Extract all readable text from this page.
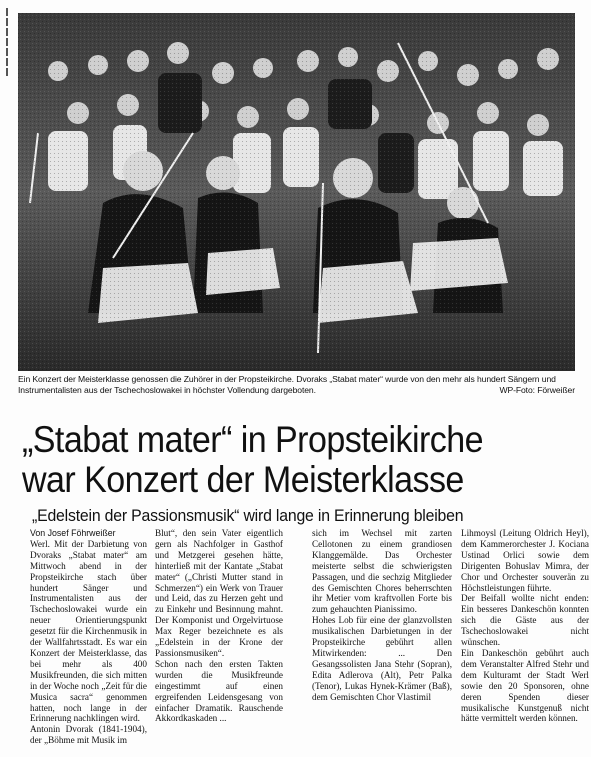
Ein Konzert der Meisterklasse genossen die Zuhörer in der Propsteikirche. Dvoraks „Stabat mater“ wurde von den mehr als hundert Sängern und Instrumentalisten aus der Tschechoslowakei in höchster Vollendung dargeboten.	WP-Foto: Förweißer
„Stabat mater“ in Propsteikirche
war Konzert der Meisterklasse
„Edelstein der Passionsmusik“ wird lange in Erinnerung bleiben

Von Josef Föhrweißer

Werl. Mit der Darbietung von Dvoraks „Stabat mater“ am Mittwoch abend in der Propsteikirche stach über hundert Sänger und Instrumentalisten aus der Tschechoslowakei wurde ein neuer Orientierungspunkt gesetzt für die Kirchenmusik in der Wallfahrtsstadt. Es war ein Konzert der Meisterklasse, das bei mehr als 400 Musikfreunden, die sich mitten in der Woche noch „Zeit für die Musica sacra“ genommen hatten, noch lange in der Erinnerung nachklingen wird.

Antonin Dvorak (1841-1904), der „Böhme mit Musik im

Blut“, den sein Vater eigentlich gern als Nachfolger in Gasthof und Metzgerei gesehen hätte, hinterließ mit der Kantate „Stabat mater“ („Christi Mutter stand in Schmerzen“) ein Werk von Trauer und Leid, das zu Herzen geht und zu Einkehr und Besinnung mahnt. Der Komponist und Orgelvirtuose Max Reger bezeichnete es als „Edelstein in der Krone der Passionsmusiken“.

Schon nach den ersten Takten wurden die Musikfreunde eingestimmt auf einen ergreifenden Leidensgesang von einfacher Dramatik. Rauschende Akkordkaskaden ...

sich im Wechsel mit zarten Cellotonen zu einem grandiosen Klanggemälde. Das Orchester meisterte selbst die schwierigsten Passagen, und die sechzig Mitglieder des Gemischten Chores beherrschten ihr Metier vom kraftvollen Forte bis zum gehauchten Pianissimo.

Hohes Lob für eine der glanzvollsten musikalischen Darbietungen in der Propsteikirche gebührt allen Mitwirkenden: ... Den Gesangssolisten Jana Stehr (Sopran), Edita Adlerova (Alt), Petr Palka (Tenor), Lukas Hynek-Krämer (Baß), dem Gemischten Chor Vlastimil

Lihmoysl (Leitung Oldrich Heyl), dem Kammerorchester J. Kociana Ustinad Orlici sowie dem Dirigenten Bohuslav Mimra, der Chor und Orchester souverän zu Höchstleistungen führte.

Der Beifall wollte nicht enden: Ein besseres Dankeschön konnten sich die Gäste aus der Tschechoslowakei nicht wünschen.

Ein Dankeschön gebührt auch dem Veranstalter Alfred Stehr und dem Kulturamt der Stadt Werl sowie den 20 Sponsoren, ohne deren Spenden dieser musikalische Kunstgenuß nicht hätte vermittelt werden können.
